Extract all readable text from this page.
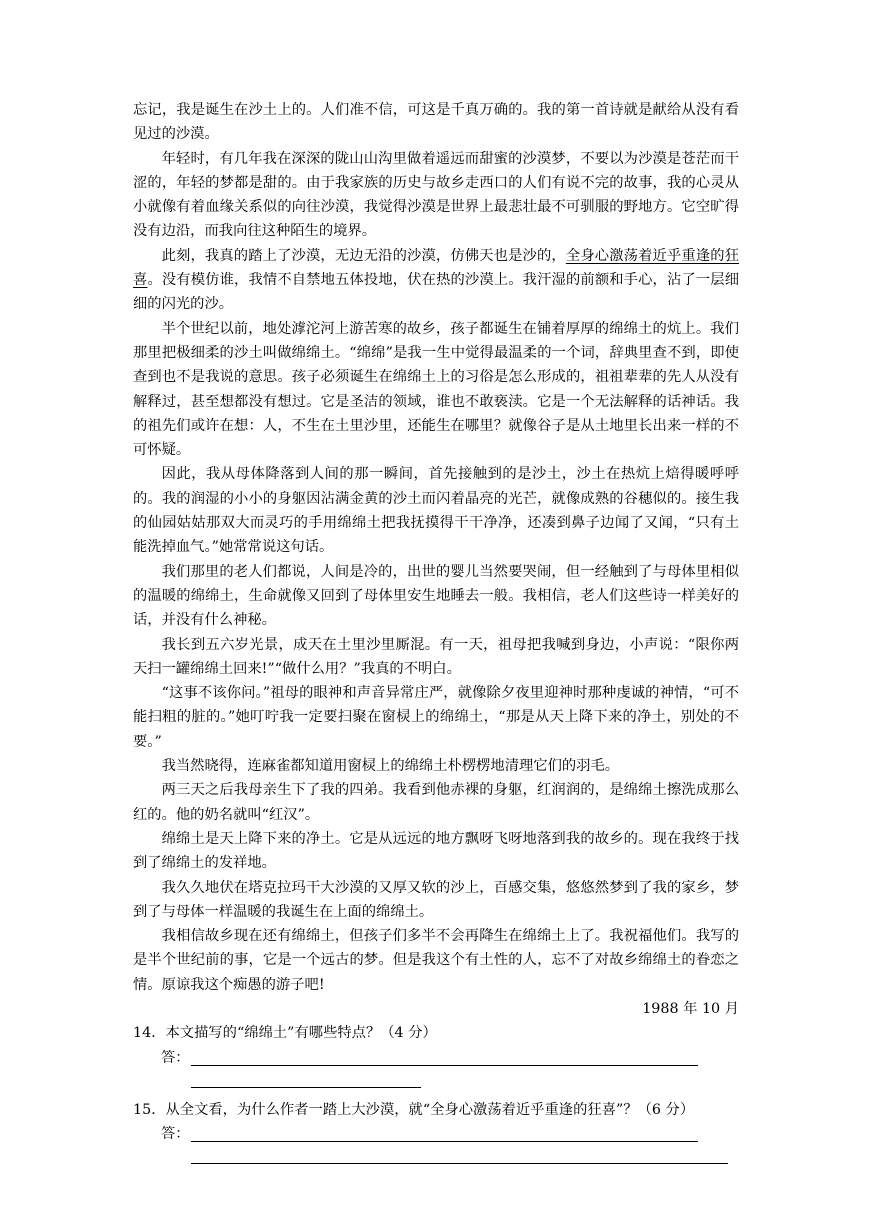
忘记，我是诞生在沙土上的。人们准不信，可这是千真万确的。我的第一首诗就是献给从没有看见过的沙漠。

年轻时，有几年我在深深的陇山山沟里做着遥远而甜蜜的沙漠梦，不要以为沙漠是苍茫而干涩的，年轻的梦都是甜的。由于我家族的历史与故乡走西口的人们有说不完的故事，我的心灵从小就像有着血缘关系似的向往沙漠，我觉得沙漠是世界上最悲壮最不可驯服的野地方。它空旷得没有边沿，而我向往这种陌生的境界。

此刻，我真的踏上了沙漠，无边无沿的沙漠，仿佛天也是沙的，全身心激荡着近乎重逢的狂喜。没有模仿谁，我情不自禁地五体投地，伏在热的沙漠上。我汗湿的前额和手心，沾了一层细细的闪光的沙。

半个世纪以前，地处滹沱河上游苦寒的故乡，孩子都诞生在铺着厚厚的绵绵土的炕上。我们那里把极细柔的沙土叫做绵绵土。“绵绵”是我一生中觉得最温柔的一个词，辞典里查不到，即使查到也不是我说的意思。孩子必须诞生在绵绵土上的习俗是怎么形成的，祖祖辈辈的先人从没有解释过，甚至想都没有想过。它是圣洁的领域，谁也不敢亵渎。它是一个无法解释的话神话。我的祖先们或许在想：人，不生在土里沙里，还能生在哪里？就像谷子是从土地里长出来一样的不可怀疑。

因此，我从母体降落到人间的那一瞬间，首先接触到的是沙土，沙土在热炕上焙得暖呼呼的。我的润湿的小小的身躯因沾满金黄的沙土而闪着晶亮的光芒，就像成熟的谷穗似的。接生我的仙园姑姑那双大而灵巧的手用绵绵土把我抚摸得干干净净，还凑到鼻子边闻了又闻，“只有土能洗掉血气。”她常常说这句话。

我们那里的老人们都说，人间是冷的，出世的婴儿当然要哭闹，但一经触到了与母体里相似的温暖的绵绵土，生命就像又回到了母体里安生地睡去一般。我相信，老人们这些诗一样美好的话，并没有什么神秘。

我长到五六岁光景，成天在土里沙里厮混。有一天，祖母把我喊到身边，小声说：“限你两天扫一罐绵绵土回来!”“做什么用？”我真的不明白。

“这事不该你问。”祖母的眼神和声音异常庄严，就像除夕夜里迎神时那种虔诚的神情，“可不能扫粗的脏的。”她叮咛我一定要扫聚在窗棂上的绵绵土，“那是从天上降下来的净土，别处的不要。”

我当然晓得，连麻雀都知道用窗棂上的绵绵土朴楞楞地清理它们的羽毛。

两三天之后我母亲生下了我的四弟。我看到他赤裸的身躯，红润润的，是绵绵土擦洗成那么红的。他的奶名就叫“红汉”。

绵绵土是天上降下来的净土。它是从远远的地方飘呀飞呀地落到我的故乡的。现在我终于找到了绵绵土的发祥地。

我久久地伏在塔克拉玛干大沙漠的又厚又软的沙上，百感交集，悠悠然梦到了我的家乡，梦到了与母体一样温暖的我诞生在上面的绵绵土。

我相信故乡现在还有绵绵土，但孩子们多半不会再降生在绵绵土上了。我祝福他们。我写的是半个世纪前的事，它是一个远古的梦。但是我这个有土性的人，忘不了对故乡绵绵土的眷恋之情。原谅我这个痴愚的游子吧!

1988 年 10 月

14．本文描写的“绵绵土”有哪些特点？（4 分）

答：

15．从全文看，为什么作者一踏上大沙漠，就“全身心激荡着近乎重逢的狂喜”？（6 分）

答：
